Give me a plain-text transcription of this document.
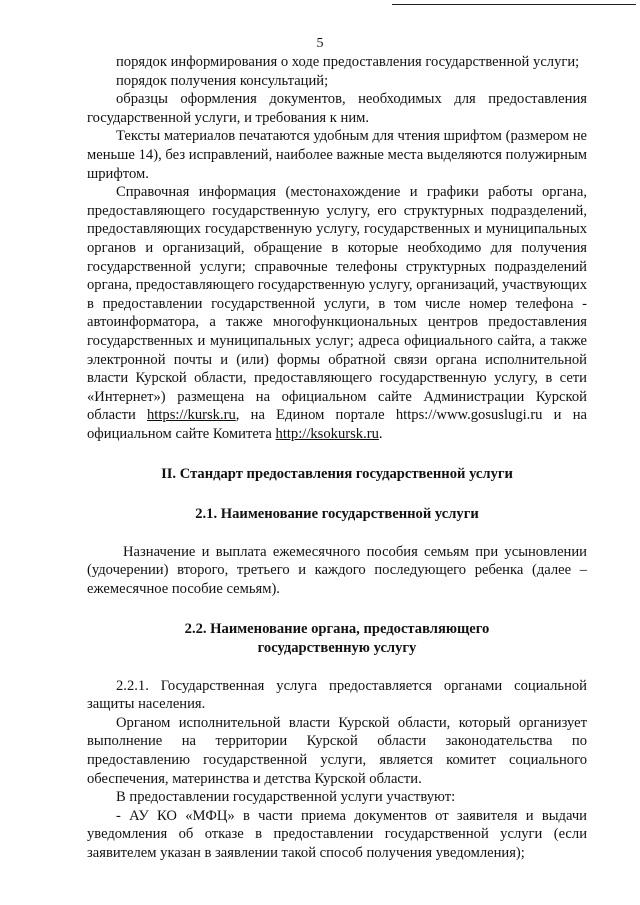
5

порядок информирования о ходе предоставления государственной услуги;

порядок получения консультаций;

образцы оформления документов, необходимых для предоставления государственной услуги, и требования к ним.

Тексты материалов печатаются удобным для чтения шрифтом (размером не меньше 14), без исправлений, наиболее важные места выделяются полужирным шрифтом.

Справочная информация (местонахождение и графики работы органа, предоставляющего государственную услугу, его структурных подразделений, предоставляющих государственную услугу, государственных и муниципальных органов и организаций, обращение в которые необходимо для получения государственной услуги; справочные телефоны структурных подразделений органа, предоставляющего государственную услугу, организаций, участвующих в предоставлении государственной услуги, в том числе номер телефона - автоинформатора, а также многофункциональных центров предоставления государственных и муниципальных услуг; адреса официального сайта, а также электронной почты и (или) формы обратной связи органа исполнительной власти Курской области, предоставляющего государственную услугу, в сети «Интернет») размещена на официальном сайте Администрации Курской области https://kursk.ru, на Едином портале https://www.gosuslugi.ru и на официальном сайте Комитета http://ksokursk.ru.

II. Стандарт предоставления государственной услуги

2.1. Наименование государственной услуги

Назначение и выплата ежемесячного пособия семьям при усыновлении (удочерении) второго, третьего и каждого последующего ребенка (далее – ежемесячное пособие семьям).

2.2. Наименование органа, предоставляющего
государственную услугу

2.2.1. Государственная услуга предоставляется органами социальной защиты населения.

Органом исполнительной власти Курской области, который организует выполнение на территории Курской области законодательства по предоставлению государственной услуги, является комитет социального обеспечения, материнства и детства Курской области.

В предоставлении государственной услуги участвуют:

- АУ КО «МФЦ» в части приема документов от заявителя и выдачи уведомления об отказе в предоставлении государственной услуги (если заявителем указан в заявлении такой способ получения уведомления);
